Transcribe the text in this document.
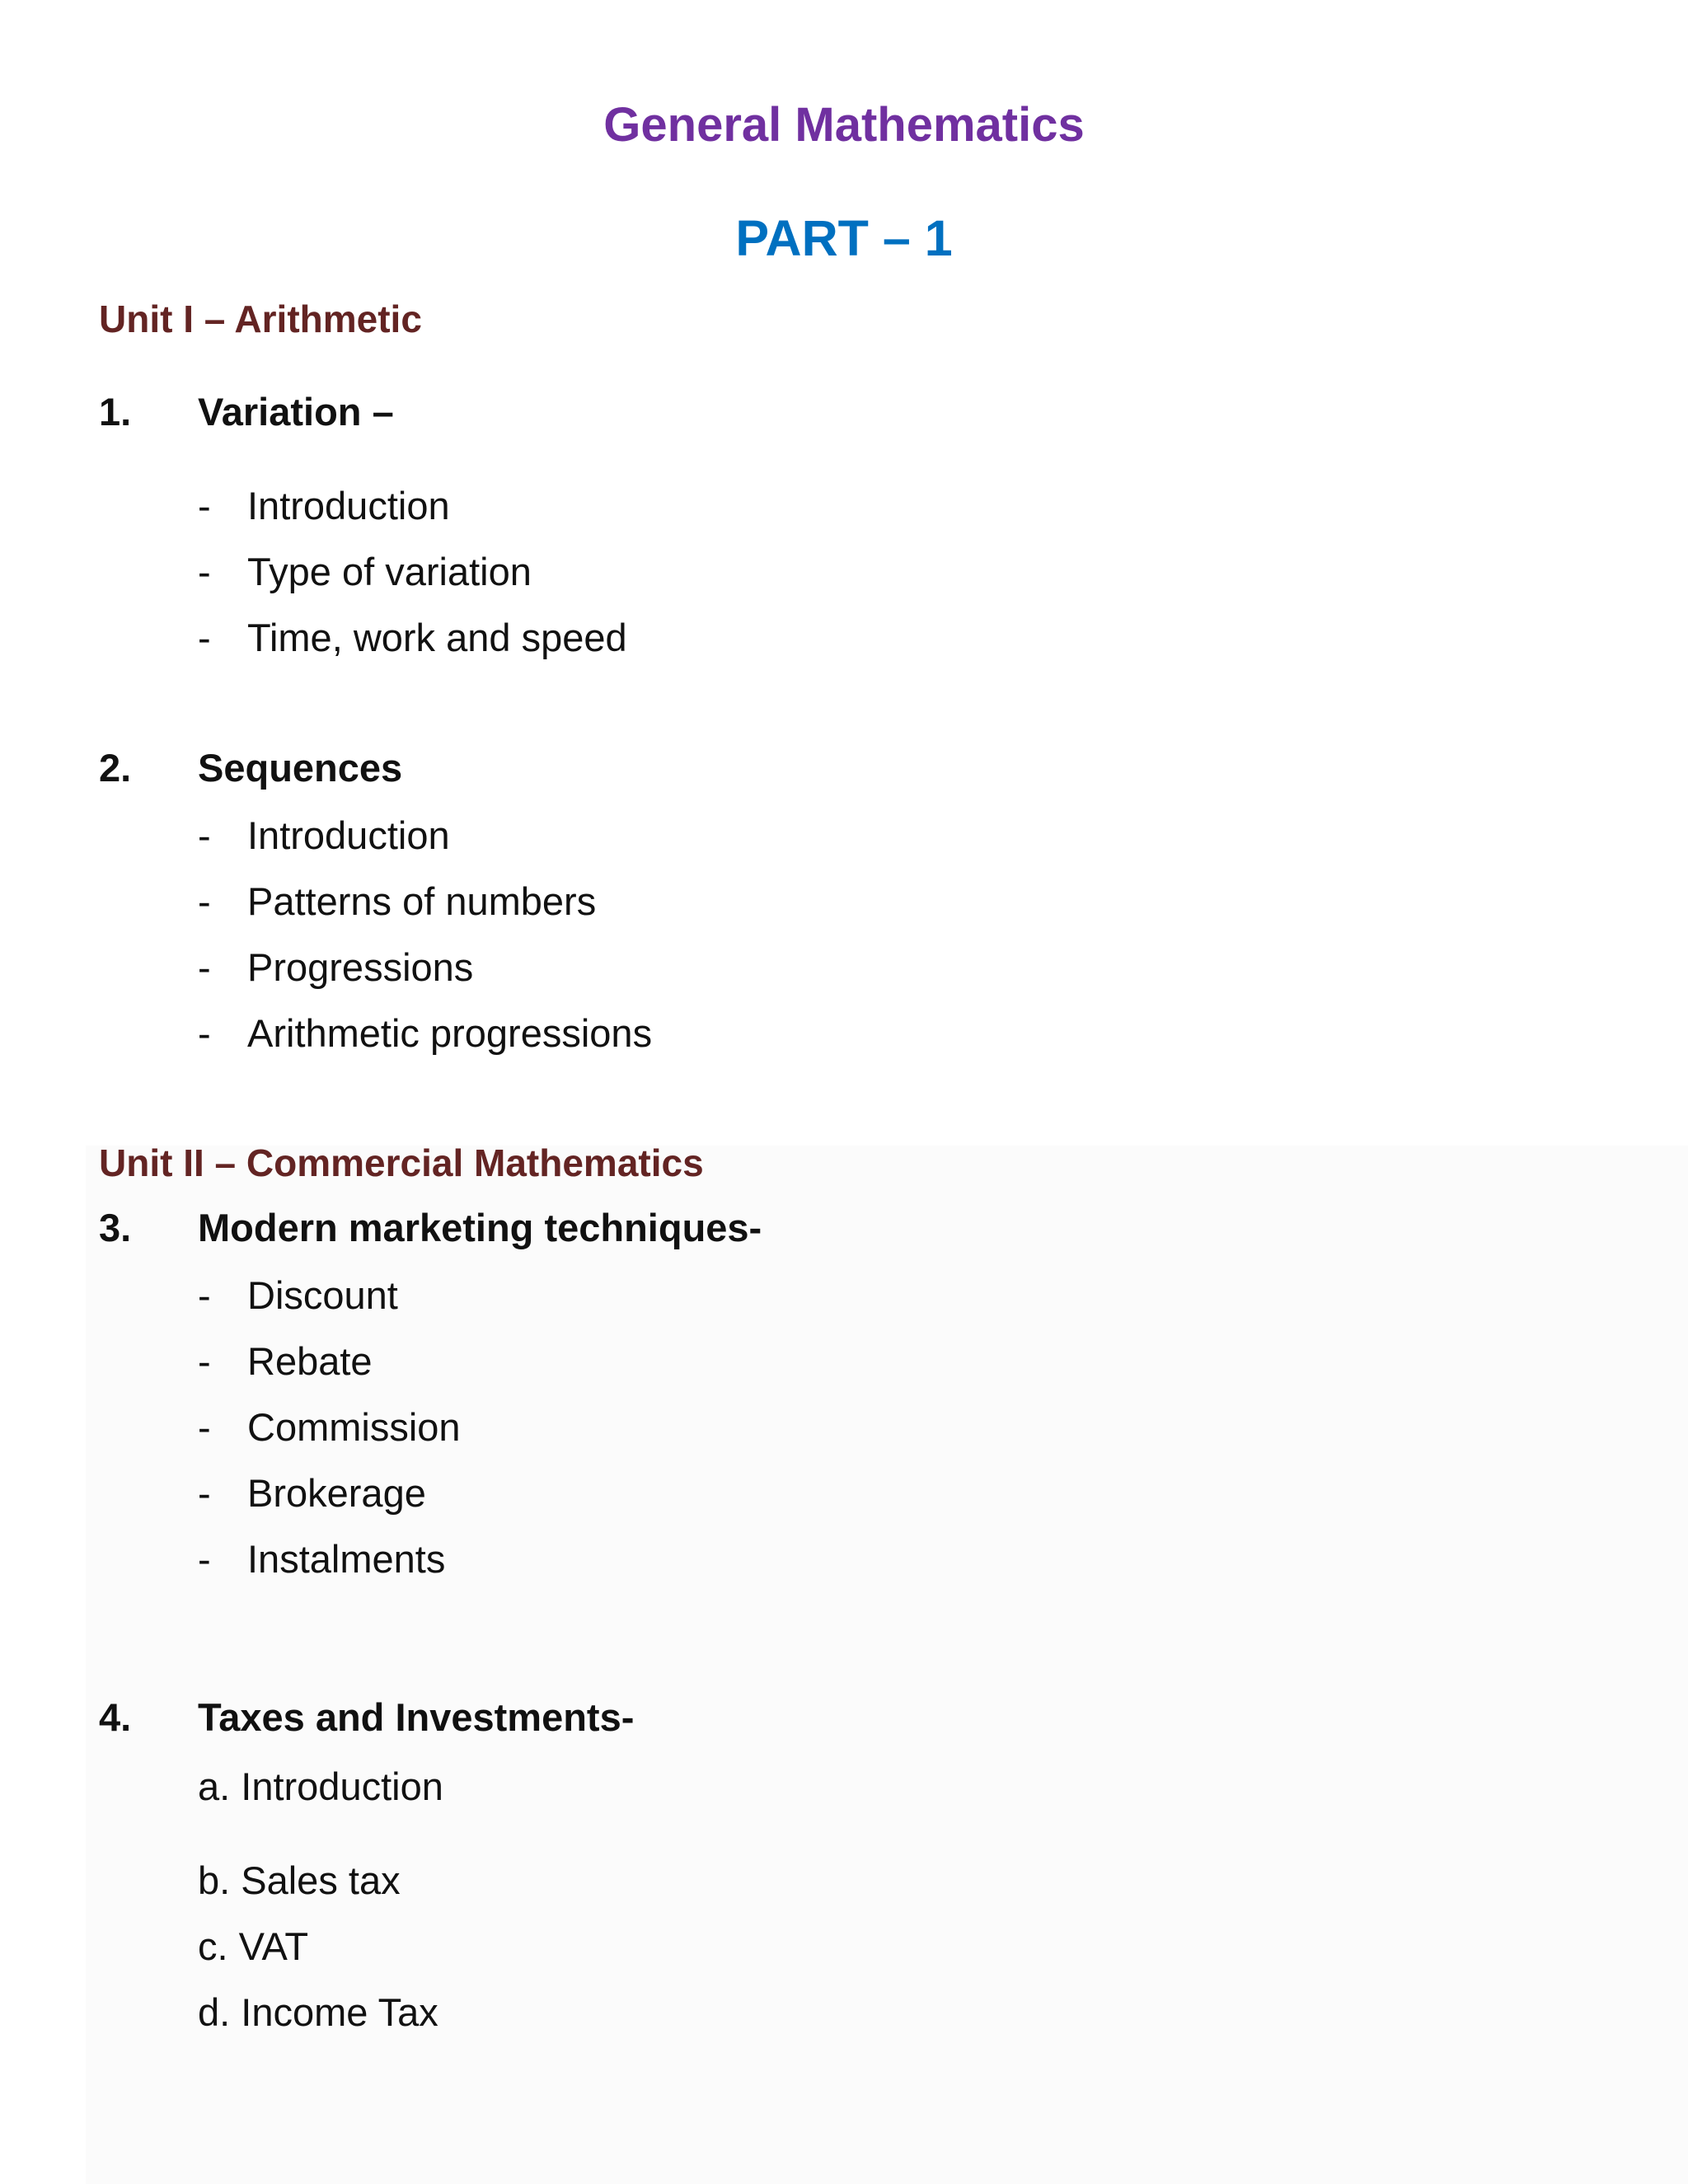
General Mathematics
PART – 1
Unit I – Arithmetic
1. Variation –
- Introduction
- Type of variation
- Time, work and speed
2. Sequences
- Introduction
- Patterns of numbers
- Progressions
- Arithmetic progressions
Unit II – Commercial Mathematics
3. Modern marketing techniques-
- Discount
- Rebate
- Commission
- Brokerage
- Instalments
4. Taxes and Investments-
a. Introduction
b. Sales tax
c. VAT
d. Income Tax
